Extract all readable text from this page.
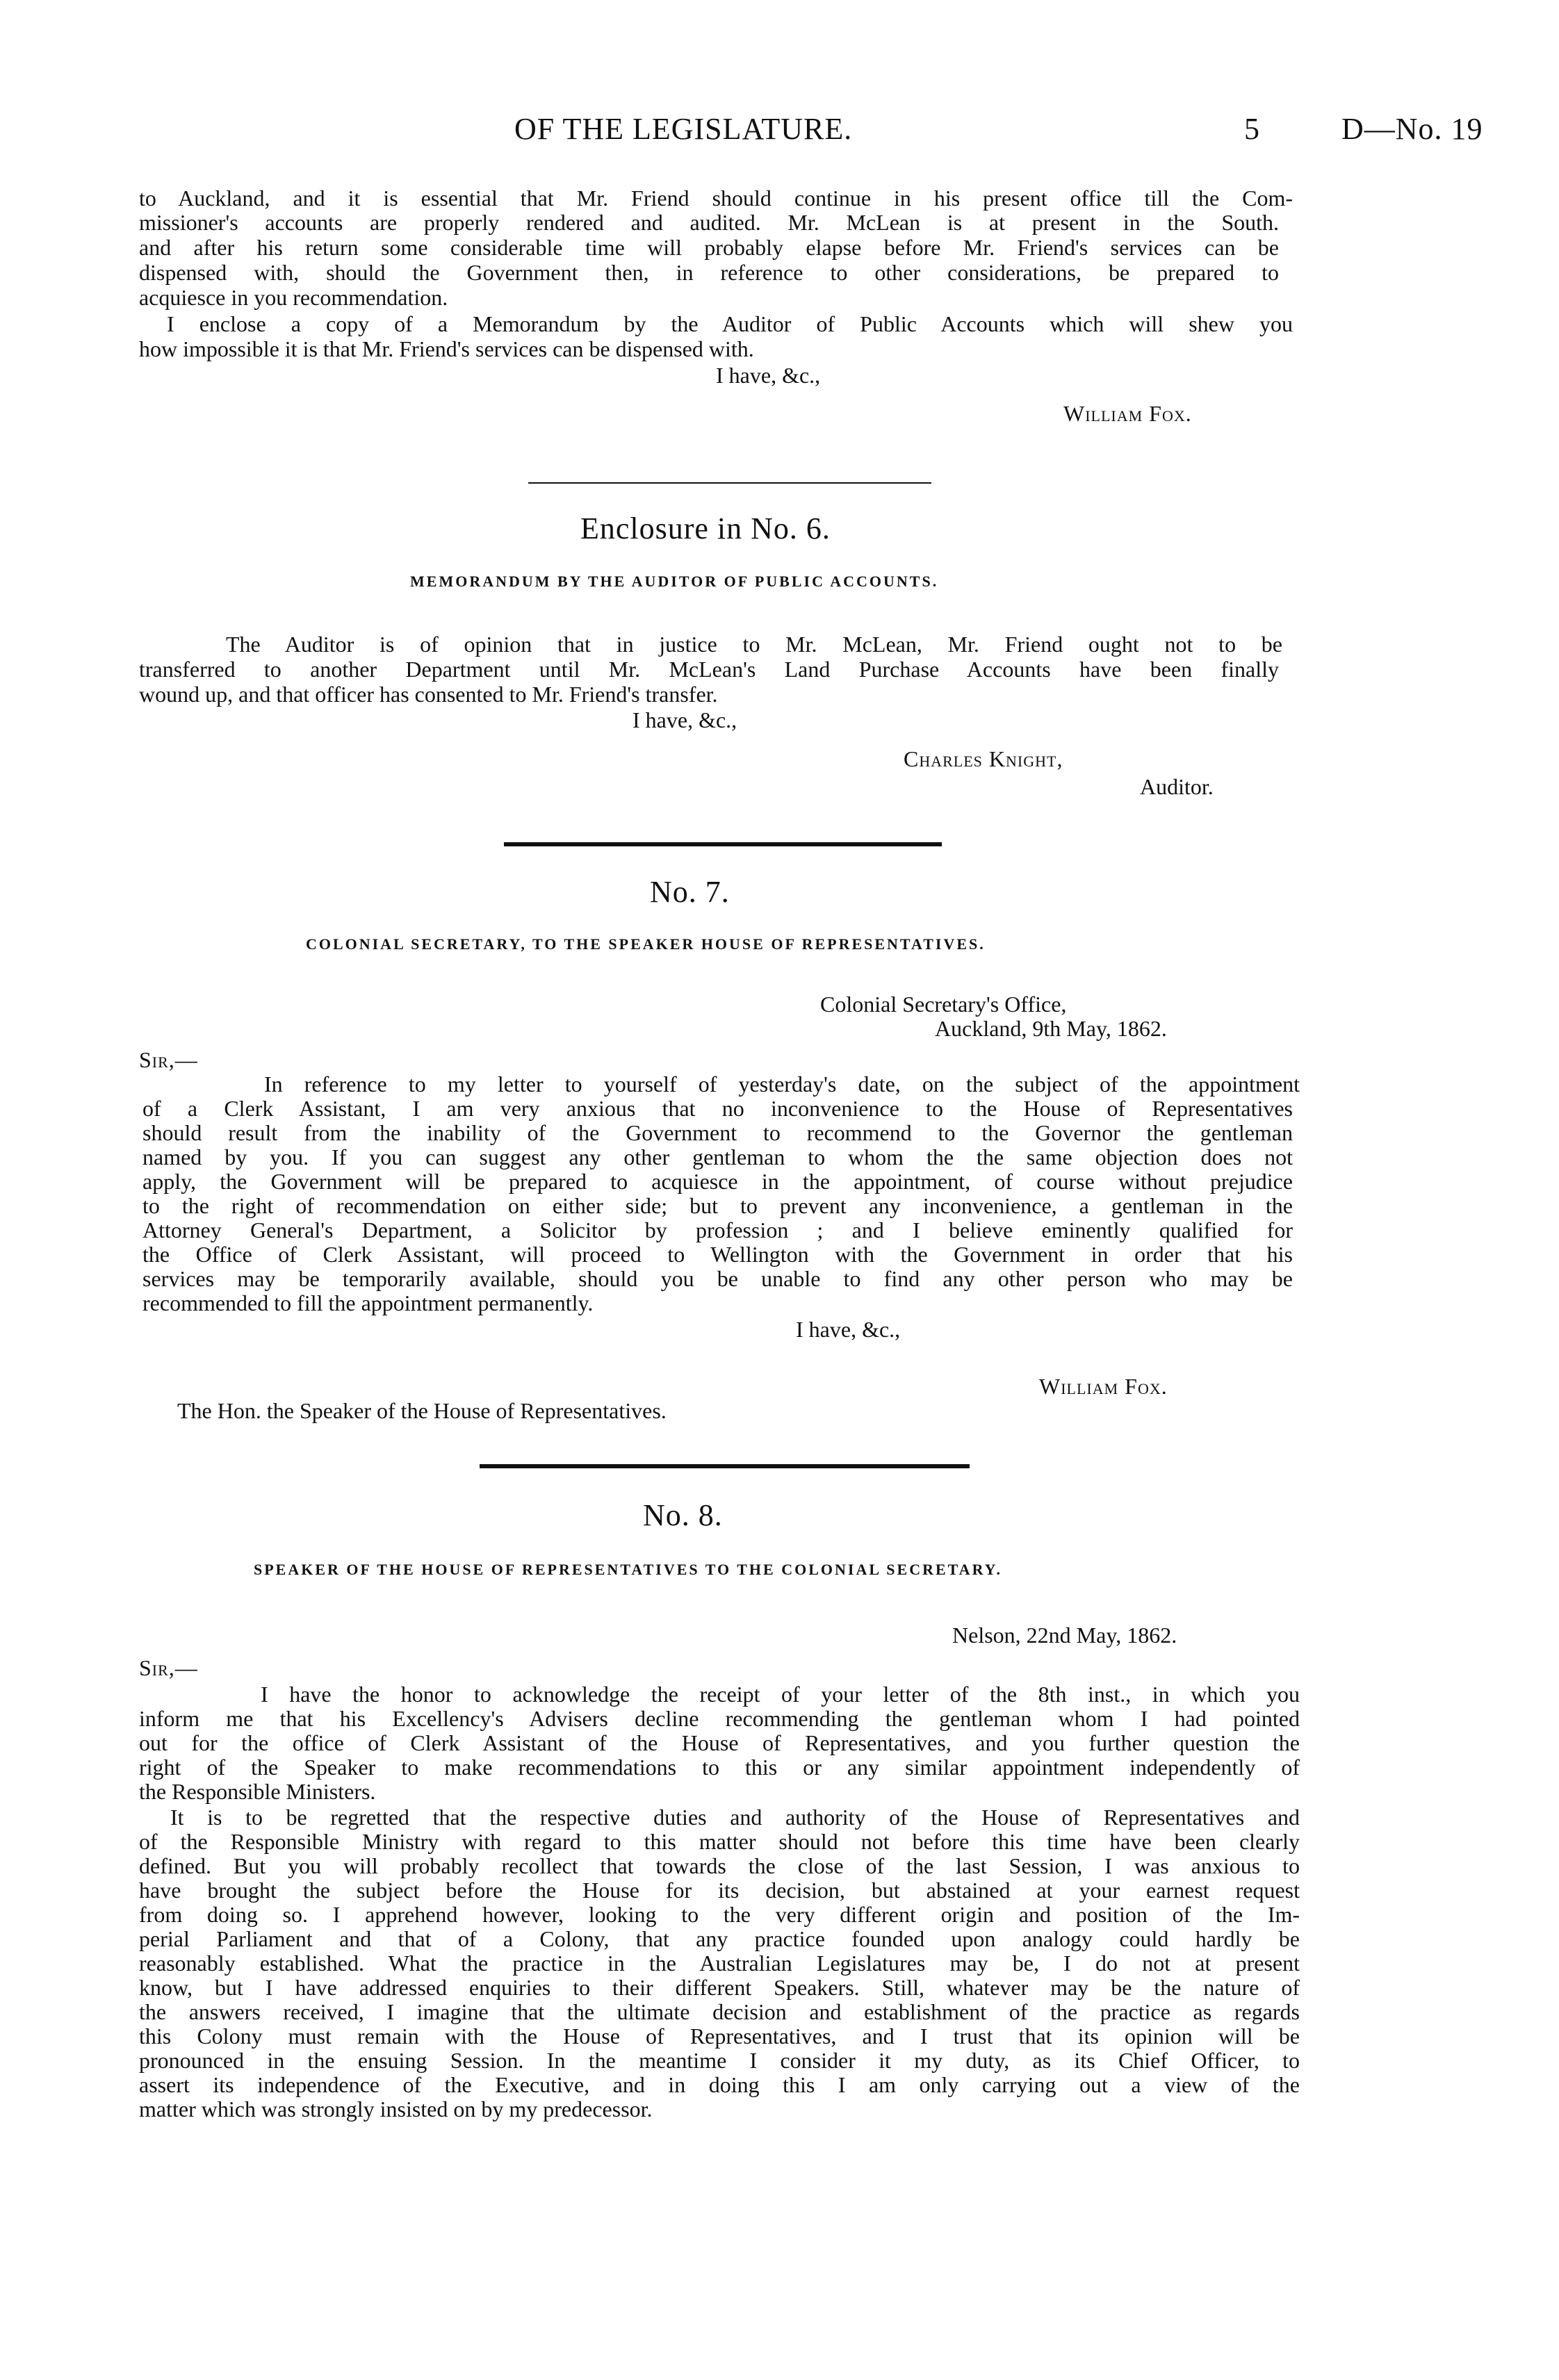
OF THE LEGISLATURE.	5	D—No. 19
to Auckland, and it is essential that Mr. Friend should continue in his present office till the Com-
missioner's accounts are properly rendered and audited. Mr. McLean is at present in the South.
and after his return some considerable time will probably elapse before Mr. Friend's services can be
dispensed with, should the Government then, in reference to other considerations, be prepared to
acquiesce in you recommendation.
I enclose a copy of a Memorandum by the Auditor of Public Accounts which will shew you
how impossible it is that Mr. Friend's services can be dispensed with.
I have, &c.,
William Fox.
Enclosure in No. 6.
MEMORANDUM BY THE AUDITOR OF PUBLIC ACCOUNTS.
The Auditor is of opinion that in justice to Mr. McLean, Mr. Friend ought not to be
transferred to another Department until Mr. McLean's Land Purchase Accounts have been finally
wound up, and that officer has consented to Mr. Friend's transfer.
I have, &c.,
Charles Knight,
Auditor.
No. 7.
COLONIAL SECRETARY, TO THE SPEAKER HOUSE OF REPRESENTATIVES.
Colonial Secretary's Office,
Auckland, 9th May, 1862.
Sir,—
In reference to my letter to yourself of yesterday's date, on the subject of the appointment
of a Clerk Assistant, I am very anxious that no inconvenience to the House of Representatives
should result from the inability of the Government to recommend to the Governor the gentleman
named by you. If you can suggest any other gentleman to whom the the same objection does not
apply, the Government will be prepared to acquiesce in the appointment, of course without prejudice
to the right of recommendation on either side; but to prevent any inconvenience, a gentleman in the
Attorney General's Department, a Solicitor by profession ; and I believe eminently qualified for
the Office of Clerk Assistant, will proceed to Wellington with the Government in order that his
services may be temporarily available, should you be unable to find any other person who may be
recommended to fill the appointment permanently.
I have, &c.,
William Fox.
The Hon. the Speaker of the House of Representatives.
No. 8.
SPEAKER OF THE HOUSE OF REPRESENTATIVES TO THE COLONIAL SECRETARY.
Nelson, 22nd May, 1862.
Sir,—
I have the honor to acknowledge the receipt of your letter of the 8th inst., in which you
inform me that his Excellency's Advisers decline recommending the gentleman whom I had pointed
out for the office of Clerk Assistant of the House of Representatives, and you further question the
right of the Speaker to make recommendations to this or any similar appointment independently of
the Responsible Ministers.
It is to be regretted that the respective duties and authority of the House of Representatives and
of the Responsible Ministry with regard to this matter should not before this time have been clearly
defined. But you will probably recollect that towards the close of the last Session, I was anxious to
have brought the subject before the House for its decision, but abstained at your earnest request
from doing so. I apprehend however, looking to the very different origin and position of the Im-
perial Parliament and that of a Colony, that any practice founded upon analogy could hardly be
reasonably established. What the practice in the Australian Legislatures may be, I do not at present
know, but I have addressed enquiries to their different Speakers. Still, whatever may be the nature of
the answers received, I imagine that the ultimate decision and establishment of the practice as regards
this Colony must remain with the House of Representatives, and I trust that its opinion will be
pronounced in the ensuing Session. In the meantime I consider it my duty, as its Chief Officer, to
assert its independence of the Executive, and in doing this I am only carrying out a view of the
matter which was strongly insisted on by my predecessor.
